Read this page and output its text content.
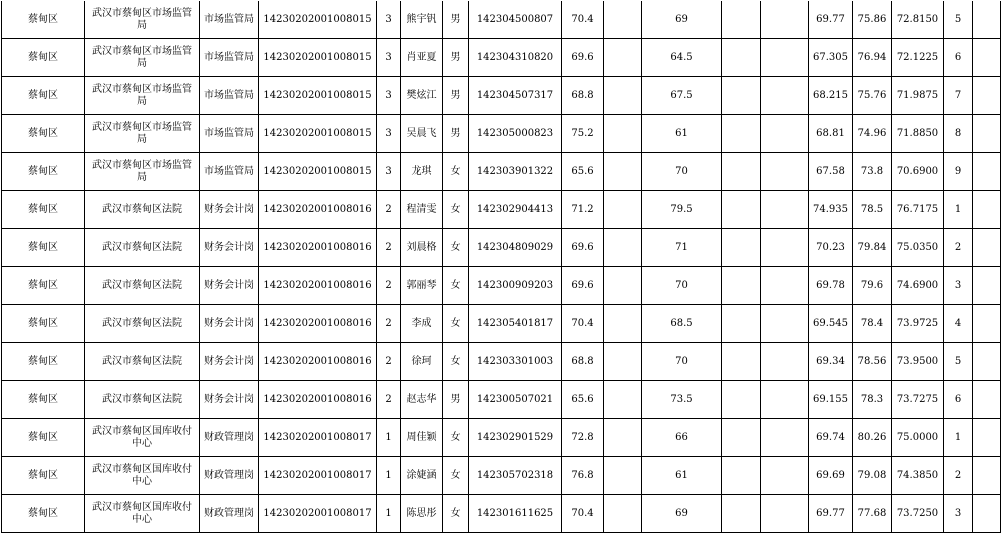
蔡甸区	武汉市蔡甸区市场监管局	市场监管局	14230202001008015	3	熊宇钒	男	142304500807	70.4		69			69.77	75.86	72.8150	5	
蔡甸区	武汉市蔡甸区市场监管局	市场监管局	14230202001008015	3	肖亚夏	男	142304310820	69.6		64.5			67.305	76.94	72.1225	6	
蔡甸区	武汉市蔡甸区市场监管局	市场监管局	14230202001008015	3	樊炫江	男	142304507317	68.8		67.5			68.215	75.76	71.9875	7	
蔡甸区	武汉市蔡甸区市场监管局	市场监管局	14230202001008015	3	吴晨飞	男	142305000823	75.2		61			68.81	74.96	71.8850	8	
蔡甸区	武汉市蔡甸区市场监管局	市场监管局	14230202001008015	3	龙琪	女	142303901322	65.6		70			67.58	73.8	70.6900	9	
蔡甸区	武汉市蔡甸区法院	财务会计岗	14230202001008016	2	程清雯	女	142302904413	71.2		79.5			74.935	78.5	76.7175	1	
蔡甸区	武汉市蔡甸区法院	财务会计岗	14230202001008016	2	刘晨格	女	142304809029	69.6		71			70.23	79.84	75.0350	2	
蔡甸区	武汉市蔡甸区法院	财务会计岗	14230202001008016	2	郭丽琴	女	142300909203	69.6		70			69.78	79.6	74.6900	3	
蔡甸区	武汉市蔡甸区法院	财务会计岗	14230202001008016	2	李成	女	142305401817	70.4		68.5			69.545	78.4	73.9725	4	
蔡甸区	武汉市蔡甸区法院	财务会计岗	14230202001008016	2	徐珂	女	142303301003	68.8		70			69.34	78.56	73.9500	5	
蔡甸区	武汉市蔡甸区法院	财务会计岗	14230202001008016	2	赵志华	男	142300507021	65.6		73.5			69.155	78.3	73.7275	6	
蔡甸区	武汉市蔡甸区国库收付中心	财政管理岗	14230202001008017	1	周佳颖	女	142302901529	72.8		66			69.74	80.26	75.0000	1	
蔡甸区	武汉市蔡甸区国库收付中心	财政管理岗	14230202001008017	1	涂婕涵	女	142305702318	76.8		61			69.69	79.08	74.3850	2	
蔡甸区	武汉市蔡甸区国库收付中心	财政管理岗	14230202001008017	1	陈思彤	女	142301611625	70.4		69			69.77	77.68	73.7250	3	
